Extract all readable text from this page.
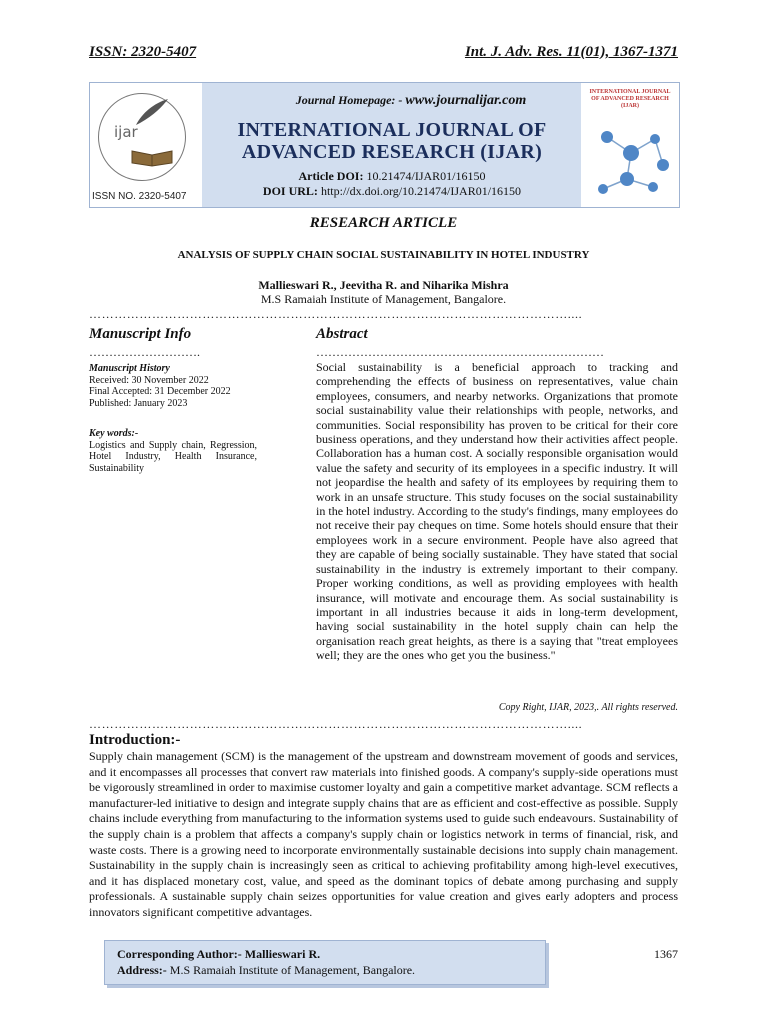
ISSN: 2320-5407	Int. J. Adv. Res. 11(01), 1367-1371
ijar
ISSN NO. 2320-5407
Journal Homepage: - www.journalijar.com
INTERNATIONAL JOURNAL OF
ADVANCED RESEARCH (IJAR)
Article DOI: 10.21474/IJAR01/16150
DOI URL: http://dx.doi.org/10.21474/IJAR01/16150
INTERNATIONAL JOURNAL OF ADVANCED RESEARCH (IJAR)
RESEARCH ARTICLE
ANALYSIS OF SUPPLY CHAIN SOCIAL SUSTAINABILITY IN HOTEL INDUSTRY
Mallieswari R., Jeevitha R. and Niharika Mishra
M.S Ramaiah Institute of Management, Bangalore.
……………………………………………………………………………………………………....
Manuscript Info
……………………….
Manuscript History
Received: 30 November 2022
Final Accepted: 31 December 2022
Published: January 2023
Key words:-
Logistics and Supply chain, Regression, Hotel Industry, Health Insurance, Sustainability
Abstract
………………………………………………………………
Social sustainability is a beneficial approach to tracking and comprehending the effects of business on representatives, value chain employees, consumers, and nearby networks. Organizations that promote social sustainability value their relationships with people, networks, and communities. Social responsibility has proven to be critical for their core business operations, and they understand how their activities affect people. Collaboration has a human cost. A socially responsible organisation would value the safety and security of its employees in a specific industry. It will not jeopardise the health and safety of its employees by requiring them to work in an unsafe structure. This study focuses on the social sustainability in the hotel industry. According to the study's findings, many employees do not receive their pay cheques on time. Some hotels should ensure that their employees work in a secure environment. People have also agreed that they are capable of being socially sustainable. They have stated that social sustainability in the industry is extremely important to their company. Proper working conditions, as well as providing employees with health insurance, will motivate and encourage them. As social sustainability is important in all industries because it aids in long-term development, having social sustainability in the hotel supply chain can help the organisation reach great heights, as there is a saying that "treat employees well; they are the ones who get you the business."
Copy Right, IJAR, 2023,. All rights reserved.
……………………………………………………………………………………………………....
Introduction:-
Supply chain management (SCM) is the management of the upstream and downstream movement of goods and services, and it encompasses all processes that convert raw materials into finished goods. A company's supply-side operations must be vigorously streamlined in order to maximise customer loyalty and gain a competitive market advantage. SCM reflects a manufacturer-led initiative to design and integrate supply chains that are as efficient and cost-effective as possible. Supply chains include everything from manufacturing to the information systems used to guide such endeavours. Sustainability of the supply chain is a problem that affects a company's supply chain or logistics network in terms of financial, risk, and waste costs. There is a growing need to incorporate environmentally sustainable decisions into supply chain management. Sustainability in the supply chain is increasingly seen as critical to achieving profitability among high-level executives, and it has displaced monetary cost, value, and speed as the dominant topics of debate among purchasing and supply professionals. A sustainable supply chain seizes opportunities for value creation and gives early adopters and process innovators significant competitive advantages.
Corresponding Author:- Mallieswari R.
Address:- M.S Ramaiah Institute of Management, Bangalore.
1367
